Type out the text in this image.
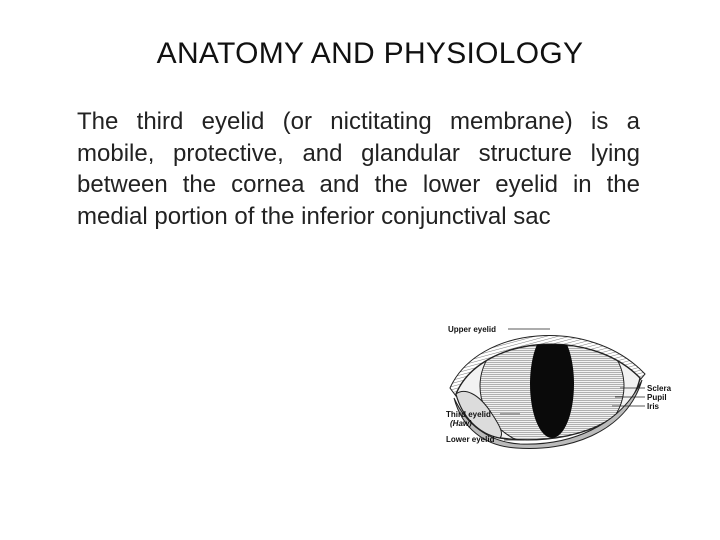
ANATOMY AND PHYSIOLOGY

The third eyelid (or nictitating membrane) is a mobile, protective, and glandular structure lying between the cornea and the lower eyelid in the medial portion of the inferior conjunctival sac

Upper eyelid
Sclera
Pupil
Iris
Third eyelid
(Haw)
Lower eyelid
